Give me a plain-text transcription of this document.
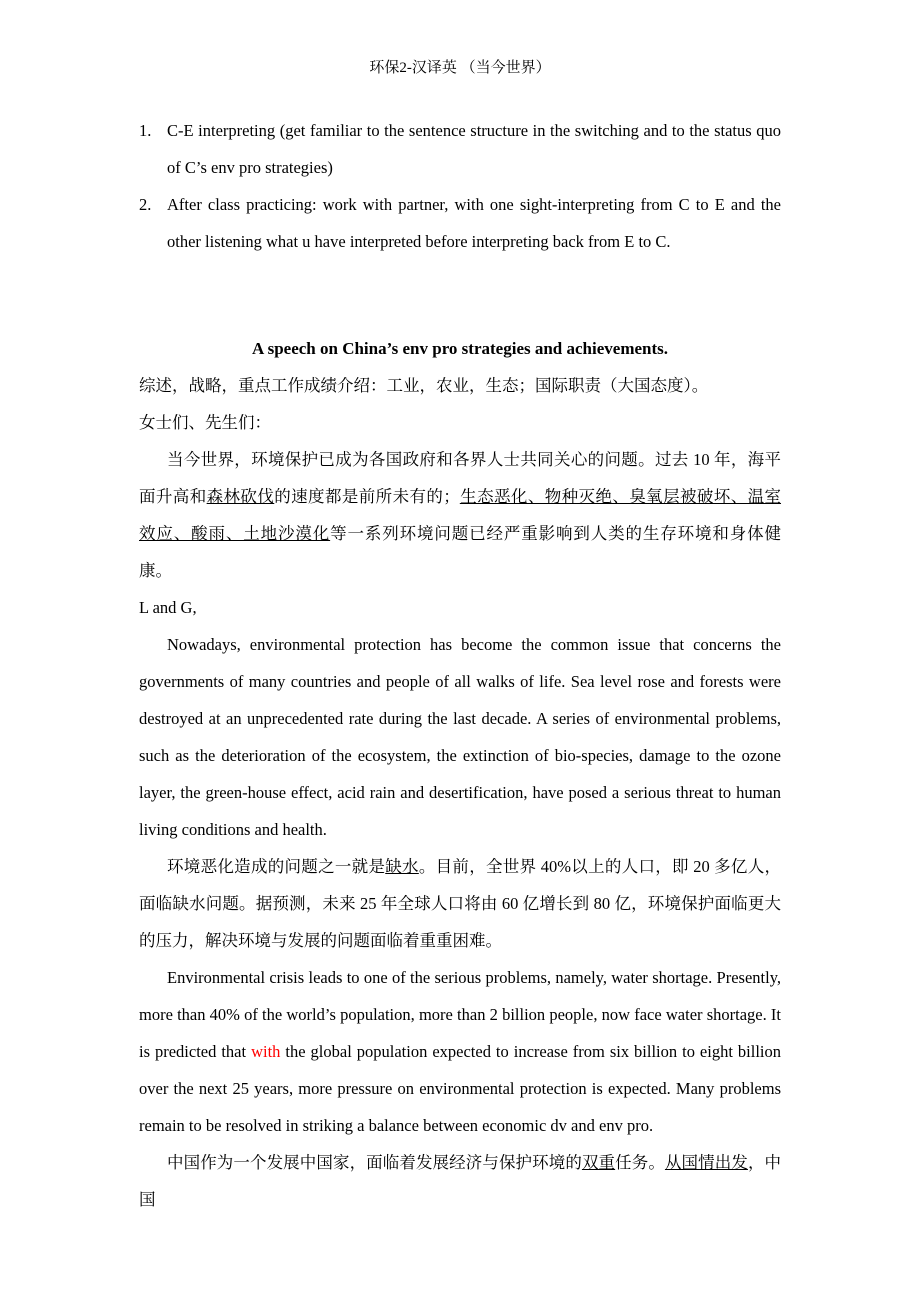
环保2-汉译英 （当今世界）
1. C-E interpreting (get familiar to the sentence structure in the switching and to the status quo of C’s env pro strategies)
2. After class practicing: work with partner, with one sight-interpreting from C to E and the other listening what u have interpreted before interpreting back from E to C.
A speech on China’s env pro strategies and achievements.

综述，战略，重点工作成绩介绍：工业，农业，生态；国际职责（大国态度）。

女士们、先生们：

当今世界，环境保护已成为各国政府和各界人士共同关心的问题。过去 10 年，海平面升高和森林砍伐的速度都是前所未有的；生态恶化、物种灭绝、臭氧层被破坏、温室效应、酸雨、土地沙漠化等一系列环境问题已经严重影响到人类的生存环境和身体健康。

L and G,

Nowadays, environmental protection has become the common issue that concerns the governments of many countries and people of all walks of life. Sea level rose and forests were destroyed at an unprecedented rate during the last decade. A series of environmental problems, such as the deterioration of the ecosystem, the extinction of bio-species, damage to the ozone layer, the green-house effect, acid rain and desertification, have posed a serious threat to human living conditions and health.

环境恶化造成的问题之一就是缺水。目前，全世界 40%以上的人口，即 20 多亿人，面临缺水问题。据预测，未来 25 年全球人口将由 60 亿增长到 80 亿，环境保护面临更大的压力，解决环境与发展的问题面临着重重困难。

Environmental crisis leads to one of the serious problems, namely, water shortage. Presently, more than 40% of the world’s population, more than 2 billion people, now face water shortage. It is predicted that with the global population expected to increase from six billion to eight billion over the next 25 years, more pressure on environmental protection is expected. Many problems remain to be resolved in striking a balance between economic dv and env pro.

中国作为一个发展中国家，面临着发展经济与保护环境的双重任务。从国情出发，中国
